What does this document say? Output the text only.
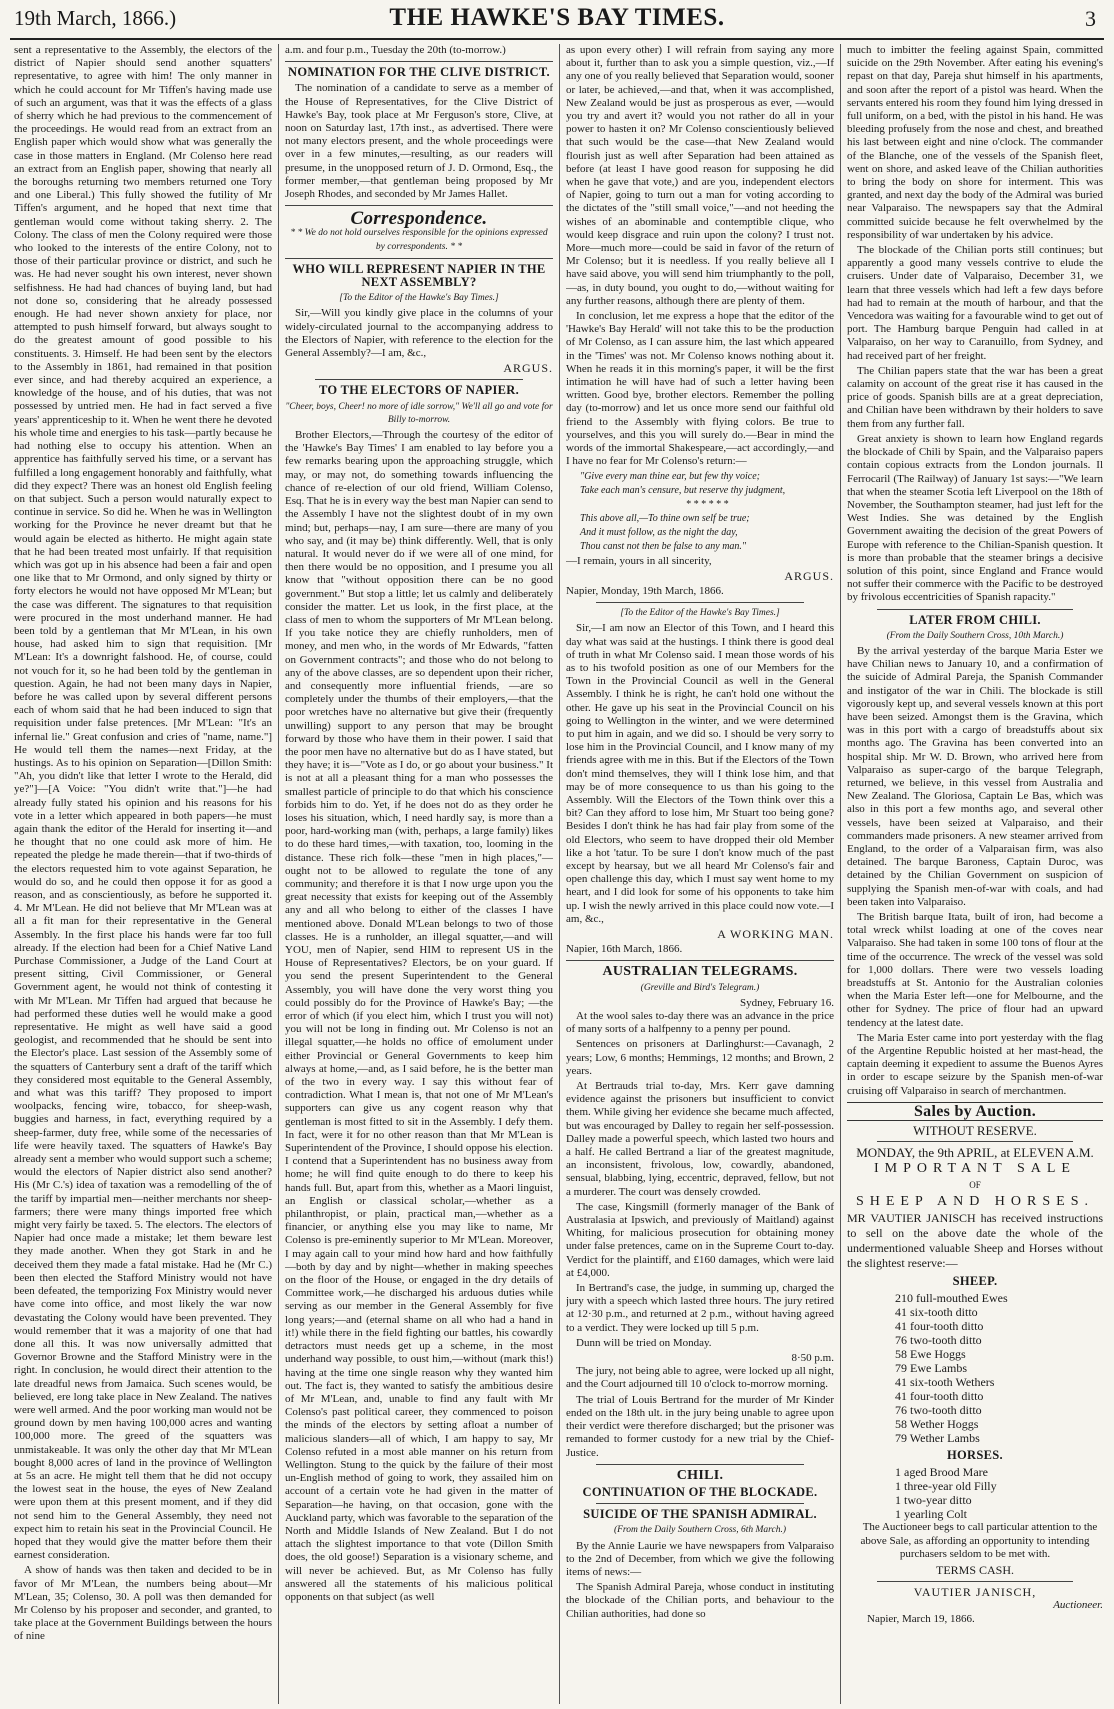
19th March, 1866.)	THE HAWKE'S BAY TIMES.	3

sent a representative to the Assembly, the electors of the district of Napier should send another squatters' representative, to agree with him! The only manner in which he could account for Mr Tiffen's having made use of such an argument, was that it was the effects of a glass of sherry which he had previous to the commencement of the proceedings. He would read from an extract from an English paper which would show what was generally the case in those matters in England. (Mr Colenso here read an extract from an English paper, showing that nearly all the boroughs returning two members returned one Tory and one Liberal.) This fully showed the futility of Mr Tiffen's argument, and he hoped that next time that gentleman would come without taking sherry. 2. The Colony. The class of men the Colony required were those who looked to the interests of the entire Colony, not to those of their particular province or district, and such he was. He had never sought his own interest, never shown selfishness. He had had chances of buying land, but had not done so, considering that he already possessed enough. He had never shown anxiety for place, nor attempted to push himself forward, but always sought to do the greatest amount of good possible to his constituents. 3. Himself. He had been sent by the electors to the Assembly in 1861, had remained in that position ever since, and had thereby acquired an experience, a knowledge of the house, and of his duties, that was not possessed by untried men. He had in fact served a five years' apprenticeship to it. When he went there he devoted his whole time and energies to his task—partly because he had nothing else to occupy his attention. When an apprentice has faithfully served his time, or a servant has fulfilled a long engagement honorably and faithfully, what did they expect? There was an honest old English feeling on that subject. Such a person would naturally expect to continue in service. So did he. When he was in Wellington working for the Province he never dreamt but that he would again be elected as hitherto. He might again state that he had been treated most unfairly. If that requisition which was got up in his absence had been a fair and open one like that to Mr Ormond, and only signed by thirty or forty electors he would not have opposed Mr M'Lean; but the case was different. The signatures to that requisition were procured in the most underhand manner. He had been told by a gentleman that Mr M'Lean, in his own house, had asked him to sign that requisition. [Mr M'Lean: It's a downright falshood. He, of course, could not vouch for it, so he had been told by the gentleman in question. Again, he had not been many days in Napier, before he was called upon by several different persons each of whom said that he had been induced to sign that requisition under false pretences. [Mr M'Lean: "It's an infernal lie." Great confusion and cries of "name, name."] He would tell them the names—next Friday, at the hustings. As to his opinion on Separation—[Dillon Smith: "Ah, you didn't like that letter I wrote to the Herald, did ye?"]—[A Voice: "You didn't write that."]—he had already fully stated his opinion and his reasons for his vote in a letter which appeared in both papers—he must again thank the editor of the Herald for inserting it—and he thought that no one could ask more of him. He repeated the pledge he made therein—that if two-thirds of the electors requested him to vote against Separation, he would do so, and he could then oppose it for as good a reason, and as conscientiously, as before he supported it. 4. Mr M'Lean. He did not believe that Mr M'Lean was at all a fit man for their representative in the General Assembly. In the first place his hands were far too full already. If the election had been for a Chief Native Land Purchase Commissioner, a Judge of the Land Court at present sitting, Civil Commissioner, or General Government agent, he would not think of contesting it with Mr M'Lean. Mr Tiffen had argued that because he had performed these duties well he would make a good representative. He might as well have said a good geologist, and recommended that he should be sent into the Elector's place. Last session of the Assembly some of the squatters of Canterbury sent a draft of the tariff which they considered most equitable to the General Assembly, and what was this tariff? They proposed to import woolpacks, fencing wire, tobacco, for sheep-wash, buggies and harness, in fact, everything required by a sheep-farmer, duty free, while some of the necessaries of life were heavily taxed. The squatters of Hawke's Bay already sent a member who would support such a scheme; would the electors of Napier district also send another? His (Mr C.'s) idea of taxation was a remodelling of the of the tariff by impartial men—neither merchants nor sheep-farmers; there were many things imported free which might very fairly be taxed. 5. The electors. The electors of Napier had once made a mistake; let them beware lest they made another. When they got Stark in and he deceived them they made a fatal mistake. Had he (Mr C.) been then elected the Stafford Ministry would not have been defeated, the temporizing Fox Ministry would never have come into office, and most likely the war now devastating the Colony would have been prevented. They would remember that it was a majority of one that had done all this. It was now universally admitted that Governor Browne and the Stafford Ministry were in the right. In conclusion, he would direct their attention to the late dreadful news from Jamaica. Such scenes would, be believed, ere long take place in New Zealand. The natives were well armed. And the poor working man would not be ground down by men having 100,000 acres and wanting 100,000 more. The greed of the squatters was unmistakeable. It was only the other day that Mr M'Lean bought 8,000 acres of land in the province of Wellington at 5s an acre. He might tell them that he did not occupy the lowest seat in the house, the eyes of New Zealand were upon them at this present moment, and if they did not send him to the General Assembly, they need not expect him to retain his seat in the Provincial Council. He hoped that they would give the matter before them their earnest consideration.

A show of hands was then taken and decided to be in favor of Mr M'Lean, the numbers being about—Mr M'Lean, 35; Colenso, 30. A poll was then demanded for Mr Colenso by his proposer and seconder, and granted, to take place at the Government Buildings between the hours of nine

a.m. and four p.m., Tuesday the 20th (to-morrow.)

NOMINATION FOR THE CLIVE DISTRICT.

The nomination of a candidate to serve as a member of the House of Representatives, for the Clive District of Hawke's Bay, took place at Mr Ferguson's store, Clive, at noon on Saturday last, 17th inst., as advertised. There were not many electors present, and the whole proceedings were over in a few minutes,—resulting, as our readers will presume, in the unopposed return of J. D. Ormond, Esq., the former member,—that gentleman being proposed by Mr Joseph Rhodes, and seconded by Mr James Hallet.

Correspondence.
* * We do not hold ourselves responsible for the opinions expressed by correspondents. * *
WHO WILL REPRESENT NAPIER IN THE NEXT ASSEMBLY?
[To the Editor of the Hawke's Bay Times.]

Sir,—Will you kindly give place in the columns of your widely-circulated journal to the accompanying address to the Electors of Napier, with reference to the election for the General Assembly?—I am, &c.,

ARGUS.
TO THE ELECTORS OF NAPIER.
"Cheer, boys, Cheer! no more of idle sorrow," We'll all go and vote for Billy to-morrow.

Brother Electors,—Through the courtesy of the editor of the 'Hawke's Bay Times' I am enabled to lay before you a few remarks bearing upon the approaching struggle, which may, or may not, do something towards influencing the chance of re-election of our old friend, William Colenso, Esq. That he is in every way the best man Napier can send to the Assembly I have not the slightest doubt of in my own mind; but, perhaps—nay, I am sure—there are many of you who say, and (it may be) think differently. Well, that is only natural. It would never do if we were all of one mind, for then there would be no opposition, and I presume you all know that "without opposition there can be no good government." But stop a little; let us calmly and deliberately consider the matter. Let us look, in the first place, at the class of men to whom the supporters of Mr M'Lean belong. If you take notice they are chiefly runholders, men of money, and men who, in the words of Mr Edwards, "fatten on Government contracts"; and those who do not belong to any of the above classes, are so dependent upon their richer, and consequently more influential friends, —are so completely under the thumbs of their employers,—that the poor wretches have no alternative but give their (frequently unwilling) support to any person that may be brought forward by those who have them in their power. I said that the poor men have no alternative but do as I have stated, but they have; it is—"Vote as I do, or go about your business." It is not at all a pleasant thing for a man who possesses the smallest particle of principle to do that which his conscience forbids him to do. Yet, if he does not do as they order he loses his situation, which, I need hardly say, is more than a poor, hard-working man (with, perhaps, a large family) likes to do these hard times,—with taxation, too, looming in the distance. These rich folk—these "men in high places,"—ought not to be allowed to regulate the tone of any community; and therefore it is that I now urge upon you the great necessity that exists for keeping out of the Assembly any and all who belong to either of the classes I have mentioned above. Donald M'Lean belongs to two of those classes. He is a runholder, an illegal squatter,—and will YOU, men of Napier, send HIM to represent US in the House of Representatives? Electors, be on your guard. If you send the present Superintendent to the General Assembly, you will have done the very worst thing you could possibly do for the Province of Hawke's Bay; —the error of which (if you elect him, which I trust you will not) you will not be long in finding out. Mr Colenso is not an illegal squatter,—he holds no office of emolument under either Provincial or General Governments to keep him always at home,—and, as I said before, he is the better man of the two in every way. I say this without fear of contradiction. What I mean is, that not one of Mr M'Lean's supporters can give us any cogent reason why that gentleman is most fitted to sit in the Assembly. I defy them. In fact, were it for no other reason than that Mr M'Lean is Superintendent of the Province, I should oppose his election. I contend that a Superintendent has no business away from home; he will find quite enough to do there to keep his hands full. But, apart from this, whether as a Maori linguist, an English or classical scholar,—whether as a philanthropist, or plain, practical man,—whether as a financier, or anything else you may like to name, Mr Colenso is pre-eminently superior to Mr M'Lean. Moreover, I may again call to your mind how hard and how faithfully—both by day and by night—whether in making speeches on the floor of the House, or engaged in the dry details of Committee work,—he discharged his arduous duties while serving as our member in the General Assembly for five long years;—and (eternal shame on all who had a hand in it!) while there in the field fighting our battles, his cowardly detractors must needs get up a scheme, in the most underhand way possible, to oust him,—without (mark this!) having at the time one single reason why they wanted him out. The fact is, they wanted to satisfy the ambitious desire of Mr M'Lean, and, unable to find any fault with Mr Colenso's past political career, they commenced to poison the minds of the electors by setting afloat a number of malicious slanders—all of which, I am happy to say, Mr Colenso refuted in a most able manner on his return from Wellington. Stung to the quick by the failure of their most un-English method of going to work, they assailed him on account of a certain vote he had given in the matter of Separation—he having, on that occasion, gone with the Auckland party, which was favorable to the separation of the North and Middle Islands of New Zealand. But I do not attach the slightest importance to that vote (Dillon Smith does, the old goose!) Separation is a visionary scheme, and will never be achieved. But, as Mr Colenso has fully answered all the statements of his malicious political opponents on that subject (as well

as upon every other) I will refrain from saying any more about it, further than to ask you a simple question, viz.,—If any one of you really believed that Separation would, sooner or later, be achieved,—and that, when it was accomplished, New Zealand would be just as prosperous as ever, —would you try and avert it? would you not rather do all in your power to hasten it on? Mr Colenso conscientiously believed that such would be the case—that New Zealand would flourish just as well after Separation had been attained as before (at least I have good reason for supposing he did when he gave that vote,) and are you, independent electors of Napier, going to turn out a man for voting according to the dictates of the "still small voice,"—and not heeding the wishes of an abominable and contemptible clique, who would keep disgrace and ruin upon the colony? I trust not. More—much more—could be said in favor of the return of Mr Colenso; but it is needless. If you really believe all I have said above, you will send him triumphantly to the poll, —as, in duty bound, you ought to do,—without waiting for any further reasons, although there are plenty of them.

In conclusion, let me express a hope that the editor of the 'Hawke's Bay Herald' will not take this to be the production of Mr Colenso, as I can assure him, the last which appeared in the 'Times' was not. Mr Colenso knows nothing about it. When he reads it in this morning's paper, it will be the first intimation he will have had of such a letter having been written. Good bye, brother electors. Remember the polling day (to-morrow) and let us once more send our faithful old friend to the Assembly with flying colors. Be true to yourselves, and this you will surely do.—Bear in mind the words of the immortal Shakespeare,—act accordingly,—and I have no fear for Mr Colenso's return:—

"Give every man thine ear, but few thy voice;
Take each man's censure, but reserve thy judgment,
* * * * * *
This above all,—To thine own self be true;
And it must follow, as the night the day,
Thou canst not then be false to any man."

—I remain, yours in all sincerity,

ARGUS.

Napier, Monday, 19th March, 1866.

[To the Editor of the Hawke's Bay Times.]

Sir,—I am now an Elector of this Town, and I heard this day what was said at the hustings. I think there is good deal of truth in what Mr Colenso said. I mean those words of his as to his twofold position as one of our Members for the Town in the Provincial Council as well in the General Assembly. I think he is right, he can't hold one without the other. He gave up his seat in the Provincial Council on his going to Wellington in the winter, and we were determined to put him in again, and we did so. I should be very sorry to lose him in the Provincial Council, and I know many of my friends agree with me in this. But if the Electors of the Town don't mind themselves, they will I think lose him, and that may be of more consequence to us than his going to the Assembly. Will the Electors of the Town think over this a bit? Can they afford to lose him, Mr Stuart too being gone? Besides I don't think he has had fair play from some of the old Electors, who seem to have dropped their old Member like a hot 'tatur. To be sure I don't know much of the past except by hearsay, but we all heard Mr Colenso's fair and open challenge this day, which I must say went home to my heart, and I did look for some of his opponents to take him up. I wish the newly arrived in this place could now vote.—I am, &c.,

A WORKING MAN.

Napier, 16th March, 1866.

AUSTRALIAN TELEGRAMS.
(Greville and Bird's Telegram.)
Sydney, February 16.

At the wool sales to-day there was an advance in the price of many sorts of a halfpenny to a penny per pound.

Sentences on prisoners at Darlinghurst:—Cavanagh, 2 years; Low, 6 months; Hemmings, 12 months; and Brown, 2 years.

At Bertrauds trial to-day, Mrs. Kerr gave damning evidence against the prisoners but insufficient to convict them. While giving her evidence she became much affected, but was encouraged by Dalley to regain her self-possession. Dalley made a powerful speech, which lasted two hours and a half. He called Bertrand a liar of the greatest magnitude, an inconsistent, frivolous, low, cowardly, abandoned, sensual, blabbing, lying, eccentric, depraved, fellow, but not a murderer. The court was densely crowded.

The case, Kingsmill (formerly manager of the Bank of Australasia at Ipswich, and previously of Maitland) against Whiting, for malicious prosecution for obtaining money under false pretences, came on in the Supreme Court to-day. Verdict for the plaintiff, and £160 damages, which were laid at £4,000.

In Bertrand's case, the judge, in summing up, charged the jury with a speech which lasted three hours. The jury retired at 12·30 p.m., and returned at 2 p.m., without having agreed to a verdict. They were locked up till 5 p.m.

Dunn will be tried on Monday.

8·50 p.m.

The jury, not being able to agree, were locked up all night, and the Court adjourned till 10 o'clock to-morrow morning.

The trial of Louis Bertrand for the murder of Mr Kinder ended on the 18th ult. in the jury being unable to agree upon their verdict were therefore discharged; but the prisoner was remanded to former custody for a new trial by the Chief-Justice.

CHILI.
CONTINUATION OF THE BLOCKADE.
SUICIDE OF THE SPANISH ADMIRAL.
(From the Daily Southern Cross, 6th March.)

By the Annie Laurie we have newspapers from Valparaiso to the 2nd of December, from which we give the following items of news:—

The Spanish Admiral Pareja, whose conduct in instituting the blockade of the Chilian ports, and behaviour to the Chilian authorities, had done so

much to imbitter the feeling against Spain, committed suicide on the 29th November. After eating his evening's repast on that day, Pareja shut himself in his apartments, and soon after the report of a pistol was heard. When the servants entered his room they found him lying dressed in full uniform, on a bed, with the pistol in his hand. He was bleeding profusely from the nose and chest, and breathed his last between eight and nine o'clock. The commander of the Blanche, one of the vessels of the Spanish fleet, went on shore, and asked leave of the Chilian authorities to bring the body on shore for interment. This was granted, and next day the body of the Admiral was buried near Valparaiso. The newspapers say that the Admiral committed suicide because he felt overwhelmed by the responsibility of war undertaken by his advice.

The blockade of the Chilian ports still continues; but apparently a good many vessels contrive to elude the cruisers. Under date of Valparaiso, December 31, we learn that three vessels which had left a few days before had had to remain at the mouth of harbour, and that the Vencedora was waiting for a favourable wind to get out of port. The Hamburg barque Penguin had called in at Valparaiso, on her way to Caranuillo, from Sydney, and had received part of her freight.

The Chilian papers state that the war has been a great calamity on account of the great rise it has caused in the price of goods. Spanish bills are at a great depreciation, and Chilian have been withdrawn by their holders to save them from any further fall.

Great anxiety is shown to learn how England regards the blockade of Chili by Spain, and the Valparaiso papers contain copious extracts from the London journals. Il Ferrocaril (The Railway) of January 1st says:—"We learn that when the steamer Scotia left Liverpool on the 18th of November, the Southampton steamer, had just left for the West Indies. She was detained by the English Government awaiting the decision of the great Powers of Europe with reference to the Chilian-Spanish question. It is more than probable that the steamer brings a decisive solution of this point, since England and France would not suffer their commerce with the Pacific to be destroyed by frivolous eccentricities of Spanish rapacity."

LATER FROM CHILI.
(From the Daily Southern Cross, 10th March.)

By the arrival yesterday of the barque Maria Ester we have Chilian news to January 10, and a confirmation of the suicide of Admiral Pareja, the Spanish Commander and instigator of the war in Chili. The blockade is still vigorously kept up, and several vessels known at this port have been seized. Amongst them is the Gravina, which was in this port with a cargo of breadstuffs about six months ago. The Gravina has been converted into an hospital ship. Mr W. D. Brown, who arrived here from Valparaiso as super-cargo of the barque Telegraph, returned, we believe, in this vessel from Australia and New Zealand. The Gloriosa, Captain Le Bas, which was also in this port a few months ago, and several other vessels, have been seized at Valparaiso, and their commanders made prisoners. A new steamer arrived from England, to the order of a Valparaisan firm, was also detained. The barque Baroness, Captain Duroc, was detained by the Chilian Government on suspicion of supplying the Spanish men-of-war with coals, and had been taken into Valparaiso.

The British barque Itata, built of iron, had become a total wreck whilst loading at one of the coves near Valparaiso. She had taken in some 100 tons of flour at the time of the occurrence. The wreck of the vessel was sold for 1,000 dollars. There were two vessels loading breadstuffs at St. Antonio for the Australian colonies when the Maria Ester left—one for Melbourne, and the other for Sydney. The price of flour had an upward tendency at the latest date.

The Maria Ester came into port yesterday with the flag of the Argentine Republic hoisted at her mast-head, the captain deeming it expedient to assume the Buenos Ayres in order to escape seizure by the Spanish men-of-war cruising off Valparaiso in search of merchantmen.

Sales by Auction.
WITHOUT RESERVE.
MONDAY, the 9th APRIL, at ELEVEN A.M.
IMPORTANT SALE
OF
SHEEP AND HORSES.

MR VAUTIER JANISCH has received instructions to sell on the above date the whole of the undermentioned valuable Sheep and Horses without the slightest reserve:—

SHEEP.
210 full-mouthed Ewes
41 six-tooth ditto
41 four-tooth ditto
76 two-tooth ditto
58 Ewe Hoggs
79 Ewe Lambs
41 six-tooth Wethers
41 four-tooth ditto
76 two-tooth ditto
58 Wether Hoggs
79 Wether Lambs
HORSES.
1 aged Brood Mare
1 three-year old Filly
1 two-year ditto
1 yearling Colt

The Auctioneer begs to call particular attention to the above Sale, as affording an opportunity to intending purchasers seldom to be met with.

TERMS CASH.
VAUTIER JANISCH,
Auctioneer.
Napier, March 19, 1866.
